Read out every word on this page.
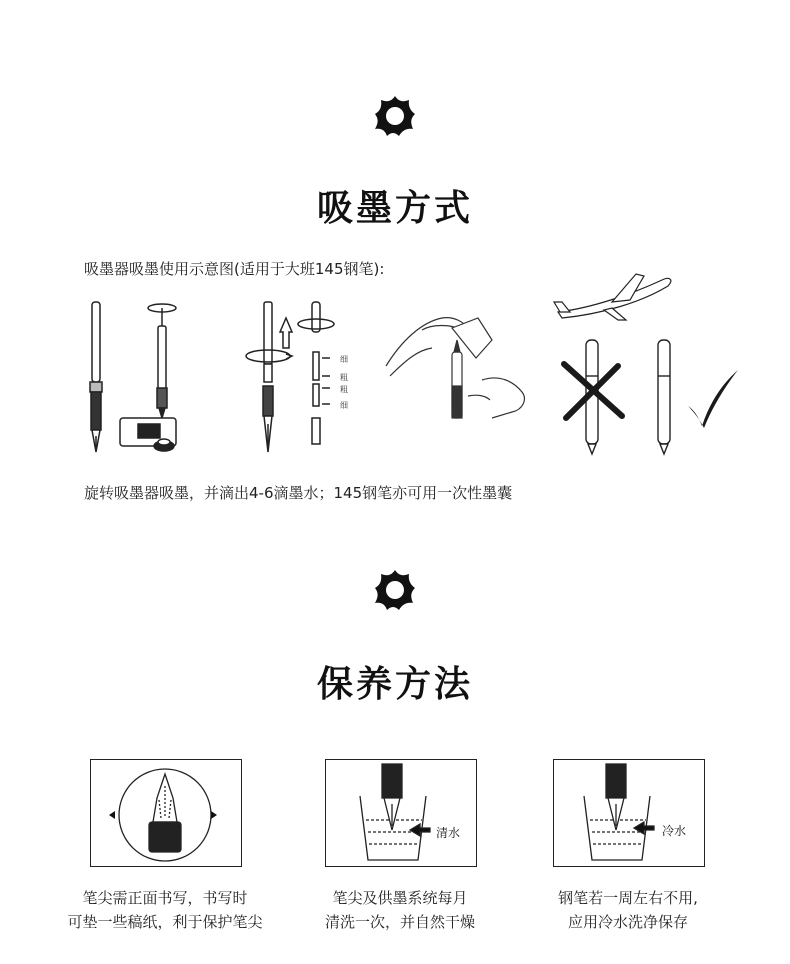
吸墨方式
吸墨器吸墨使用示意图(适用于大班145钢笔):
细
粗
粗
细
旋转吸墨器吸墨，并滴出4-6滴墨水；145钢笔亦可用一次性墨囊
保养方法
清水	冷水
笔尖需正面书写，书写时
可垫一些稿纸，利于保护笔尖
笔尖及供墨系统每月
清洗一次，并自然干燥
钢笔若一周左右不用,
应用冷水洗净保存
